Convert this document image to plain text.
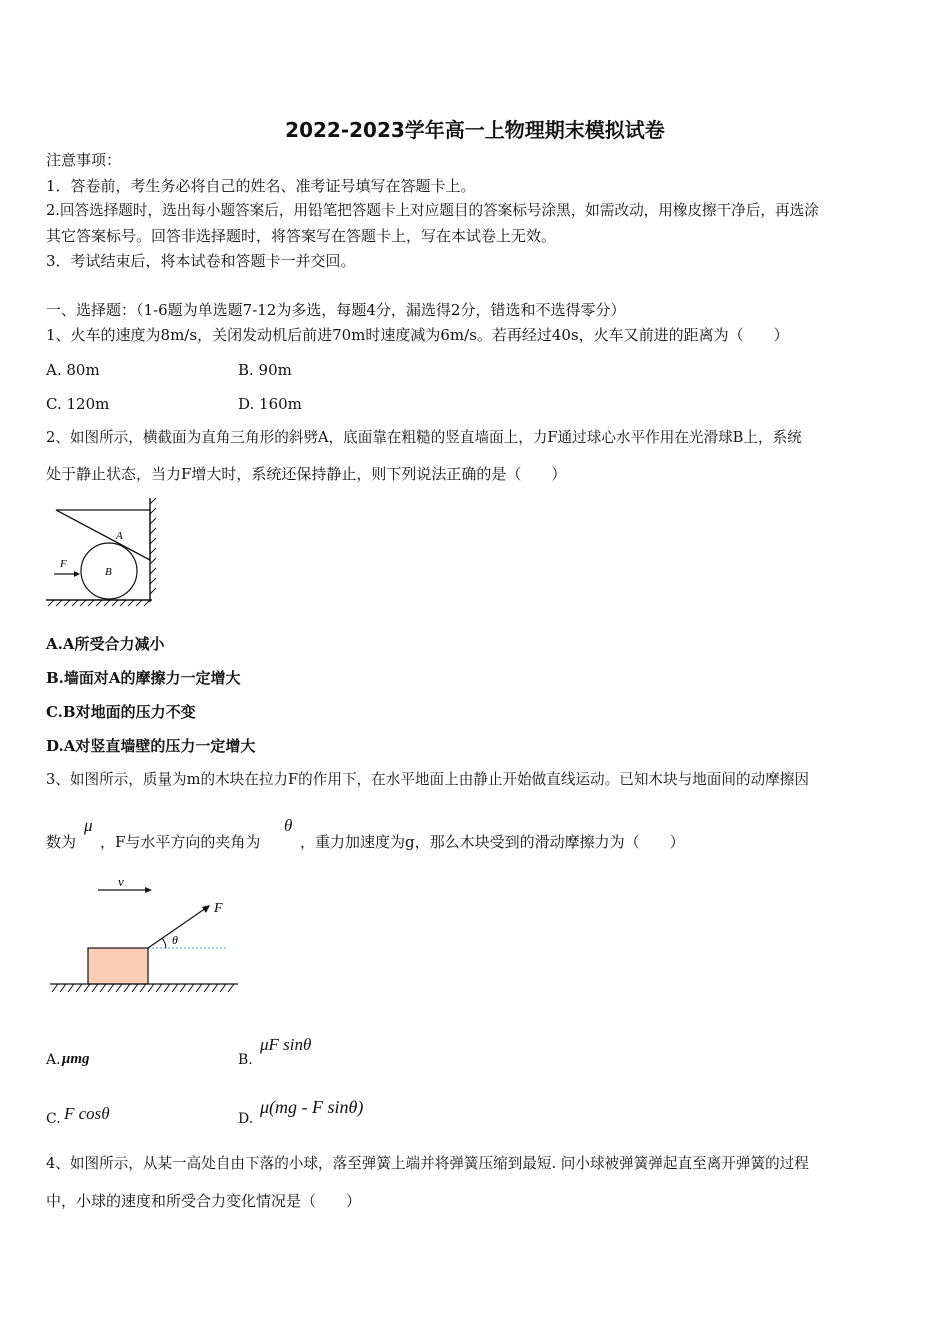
2022-2023学年高一上物理期末模拟试卷
注意事项：
1．答卷前，考生务必将自己的姓名、准考证号填写在答题卡上。
2.回答选择题时，选出每小题答案后，用铅笔把答题卡上对应题目的答案标号涂黑，如需改动，用橡皮擦干净后，再选涂
其它答案标号。回答非选择题时，将答案写在答题卡上，写在本试卷上无效。
3．考试结束后，将本试卷和答题卡一并交回。
一、选择题：（1-6题为单选题7-12为多选，每题4分，漏选得2分，错选和不选得零分）
1、火车的速度为8m/s，关闭发动机后前进70m时速度减为6m/s。若再经过40s，火车又前进的距离为（　　）
A. 80m	B. 90m
C. 120m	D. 160m
2、如图所示，横截面为直角三角形的斜劈A，底面靠在粗糙的竖直墙面上，力F通过球心水平作用在光滑球B上，系统
处于静止状态，当力F增大时，系统还保持静止，则下列说法正确的是（　　）
A
B
F
A.A所受合力减小
B.墙面对A的摩擦力一定增大
C.B对地面的压力不变
D.A对竖直墙壁的压力一定增大
3、如图所示，质量为m的木块在拉力F的作用下，在水平地面上由静止开始做直线运动。已知木块与地面间的动摩擦因
数为
μ
，F与水平方向的夹角为
θ
，重力加速度为g，那么木块受到的滑动摩擦力为（　　）
v
F
θ
A. μmg	B.
μF sinθ
C. F cosθ	D.
μ(mg - F sinθ)
4、如图所示，从某一高处自由下落的小球，落至弹簧上端并将弹簧压缩到最短. 问小球被弹簧弹起直至离开弹簧的过程
中，小球的速度和所受合力变化情况是（　　）
